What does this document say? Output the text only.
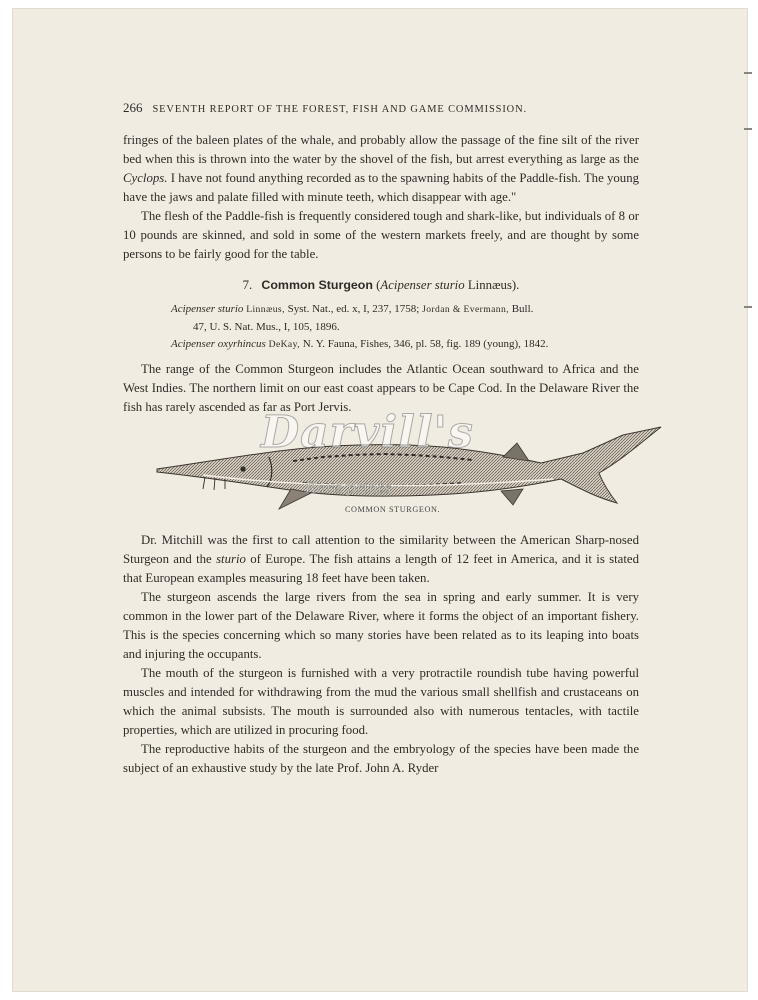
266 SEVENTH REPORT OF THE FOREST, FISH AND GAME COMMISSION.

fringes of the baleen plates of the whale, and probably allow the passage of the fine silt of the river bed when this is thrown into the water by the shovel of the fish, but arrest everything as large as the Cyclops. I have not found anything recorded as to the spawning habits of the Paddle-fish. The young have the jaws and palate filled with minute teeth, which disappear with age."

The flesh of the Paddle-fish is frequently considered tough and shark-like, but individuals of 8 or 10 pounds are skinned, and sold in some of the western markets freely, and are thought by some persons to be fairly good for the table.

7. Common Sturgeon (Acipenser sturio Linnæus).
Acipenser sturio Linnæus, Syst. Nat., ed. x, I, 237, 1758; Jordan & Evermann, Bull.
47, U. S. Nat. Mus., I, 105, 1896.
Acipenser oxyrhincus DeKay, N. Y. Fauna, Fishes, 346, pl. 58, fig. 189 (young), 1842.

The range of the Common Sturgeon includes the Atlantic Ocean southward to Africa and the West Indies. The northern limit on our east coast appears to be Cape Cod. In the Delaware River the fish has rarely ascended as far as Port Jervis.

Darvill's
Rare prints
COMMON STURGEON.

Dr. Mitchill was the first to call attention to the similarity between the American Sharp-nosed Sturgeon and the sturio of Europe. The fish attains a length of 12 feet in America, and it is stated that European examples measuring 18 feet have been taken.

The sturgeon ascends the large rivers from the sea in spring and early summer. It is very common in the lower part of the Delaware River, where it forms the object of an important fishery. This is the species concerning which so many stories have been related as to its leaping into boats and injuring the occupants.

The mouth of the sturgeon is furnished with a very protractile roundish tube having powerful muscles and intended for withdrawing from the mud the various small shellfish and crustaceans on which the animal subsists. The mouth is surrounded also with numerous tentacles, with tactile properties, which are utilized in procuring food.

The reproductive habits of the sturgeon and the embryology of the species have been made the subject of an exhaustive study by the late Prof. John A. Ryder
